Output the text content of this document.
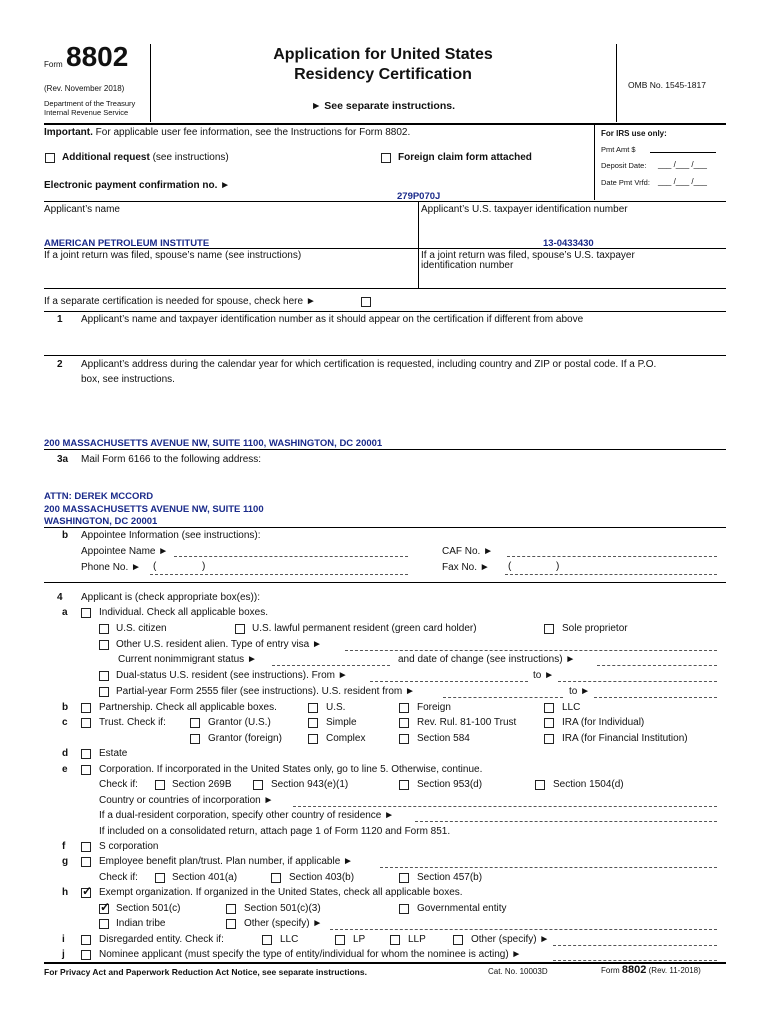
Form 8802
(Rev. November 2018)
Department of the Treasury
Internal Revenue Service
Application for United States
Residency Certification
► See separate instructions.
OMB No. 1545-1817
Important. For applicable user fee information, see the Instructions for Form 8802.	For IRS use only:
Pmt Amt $
Deposit Date: ___ /___ /___
Date Pmt Vrfd: ___ /___ /___
Additional request (see instructions)	Foreign claim form attached
Electronic payment confirmation no. ►
279P070J
Applicant’s name	Applicant’s U.S. taxpayer identification number
AMERICAN PETROLEUM INSTITUTE	13-0433430
If a joint return was filed, spouse’s name (see instructions)	If a joint return was filed, spouse’s U.S. taxpayer
identification number
If a separate certification is needed for spouse, check here ►
1 Applicant’s name and taxpayer identification number as it should appear on the certification if different from above
2 Applicant’s address during the calendar year for which certification is requested, including country and ZIP or postal code. If a P.O.
box, see instructions.
200 MASSACHUSETTS AVENUE NW, SUITE 1100, WASHINGTON, DC 20001
3a Mail Form 6166 to the following address:
ATTN: DEREK MCCORD
200 MASSACHUSETTS AVENUE NW, SUITE 1100
WASHINGTON, DC 20001
b Appointee Information (see instructions):
Appointee Name ►
Phone No. ► (	)
CAF No. ►
Fax No. ► (	)
4 Applicant is (check appropriate box(es)):
a	Individual. Check all applicable boxes.
U.S. citizen	U.S. lawful permanent resident (green card holder)	Sole proprietor
Other U.S. resident alien. Type of entry visa ►
Current nonimmigrant status ►	and date of change (see instructions) ►
Dual-status U.S. resident (see instructions). From ►	to ►
Partial-year Form 2555 filer (see instructions). U.S. resident from ►	to ►
b	Partnership. Check all applicable boxes.	U.S.	Foreign	LLC
c	Trust. Check if:	Grantor (U.S.)	Simple	Rev. Rul. 81-100 Trust	IRA (for Individual)
Grantor (foreign)	Complex	Section 584	IRA (for Financial Institution)
d	Estate
e	Corporation. If incorporated in the United States only, go to line 5. Otherwise, continue.
Check if:	Section 269B	Section 943(e)(1)	Section 953(d)	Section 1504(d)
Country or countries of incorporation ►
If a dual-resident corporation, specify other country of residence ►
If included on a consolidated return, attach page 1 of Form 1120 and Form 851.
f	S corporation
g	Employee benefit plan/trust. Plan number, if applicable ►
Check if:	Section 401(a)	Section 403(b)	Section 457(b)
h ✓ Exempt organization. If organized in the United States, check all applicable boxes.
✓ Section 501(c)	Section 501(c)(3)	Governmental entity
Indian tribe	Other (specify) ►
i	Disregarded entity. Check if:	LLC	LP	LLP	Other (specify) ►
j	Nominee applicant (must specify the type of entity/individual for whom the nominee is acting) ►
For Privacy Act and Paperwork Reduction Act Notice, see separate instructions.	Cat. No. 10003D	Form 8802 (Rev. 11-2018)
